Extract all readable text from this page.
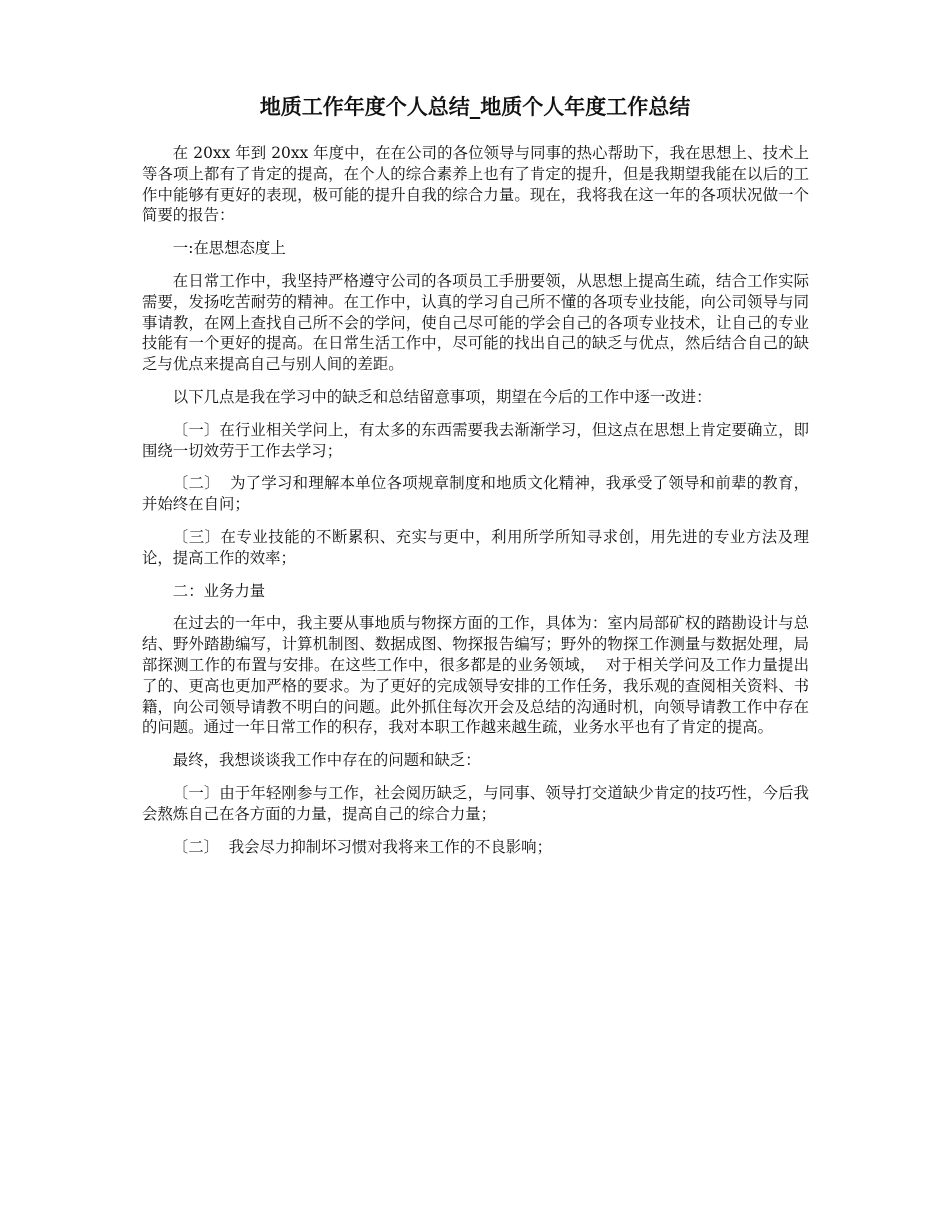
地质工作年度个人总结_地质个人年度工作总结

在 20xx 年到 20xx 年度中，在在公司的各位领导与同事的热心帮助下，我在思想上、技术上等各项上都有了肯定的提高，在个人的综合素养上也有了肯定的提升，但是我期望我能在以后的工作中能够有更好的表现，极可能的提升自我的综合力量。现在，我将我在这一年的各项状况做一个简要的报告：

一:在思想态度上

在日常工作中，我坚持严格遵守公司的各项员工手册要领，从思想上提高生疏，结合工作实际需要，发扬吃苦耐劳的精神。在工作中，认真的学习自己所不懂的各项专业技能，向公司领导与同事请教，在网上查找自己所不会的学问，使自己尽可能的学会自己的各项专业技术，让自己的专业技能有一个更好的提高。在日常生活工作中，尽可能的找出自己的缺乏与优点，然后结合自己的缺乏与优点来提高自己与别人间的差距。

以下几点是我在学习中的缺乏和总结留意事项，期望在今后的工作中逐一改进：

〔一〕在行业相关学问上，有太多的东西需要我去渐渐学习，但这点在思想上肯定要确立，即围绕一切效劳于工作去学习；

〔二〕  为了学习和理解本单位各项规章制度和地质文化精神，我承受了领导和前辈的教育，并始终在自问；

〔三〕在专业技能的不断累积、充实与更中，利用所学所知寻求创，用先进的专业方法及理论，提高工作的效率；

二：业务力量

在过去的一年中，我主要从事地质与物探方面的工作，具体为：室内局部矿权的踏勘设计与总结、野外踏勘编写，计算机制图、数据成图、物探报告编写；野外的物探工作测量与数据处理，局部探测工作的布置与安排。在这些工作中，很多都是的业务领域，  对于相关学问及工作力量提出了的、更高也更加严格的要求。为了更好的完成领导安排的工作任务，我乐观的查阅相关资料、书籍，向公司领导请教不明白的问题。此外抓住每次开会及总结的沟通时机，向领导请教工作中存在的问题。通过一年日常工作的积存，我对本职工作越来越生疏，业务水平也有了肯定的提高。

最终，我想谈谈我工作中存在的问题和缺乏：

〔一〕由于年轻刚参与工作，社会阅历缺乏，与同事、领导打交道缺少肯定的技巧性，今后我会熬炼自己在各方面的力量，提高自己的综合力量；

〔二〕  我会尽力抑制坏习惯对我将来工作的不良影响；
